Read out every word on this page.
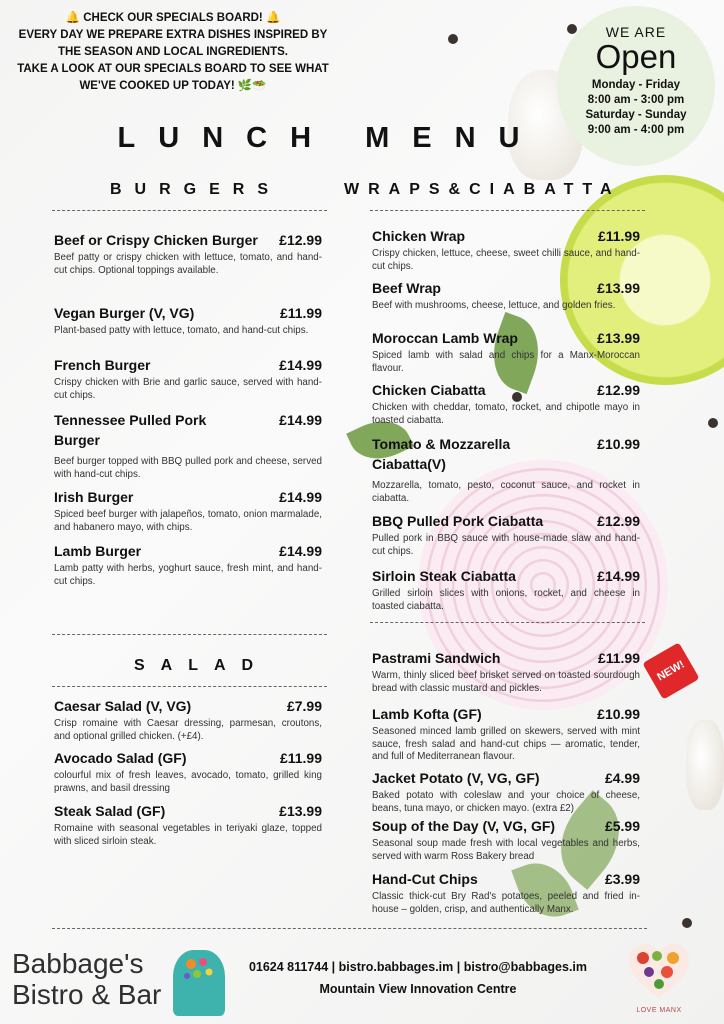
🔔 CHECK OUR SPECIALS BOARD! 🔔
EVERY DAY WE PREPARE EXTRA DISHES INSPIRED BY
THE SEASON AND LOCAL INGREDIENTS.
TAKE A LOOK AT OUR SPECIALS BOARD TO SEE WHAT
WE'VE COOKED UP TODAY! 🌿🥗
WE ARE
Open
Monday - Friday
8:00 am - 3:00 pm
Saturday - Sunday
9:00 am - 4:00 pm
LUNCH MENU
BURGERS	WRAPS&CIABATTA
Beef or Crispy Chicken Burger	£12.99
Beef patty or crispy chicken with lettuce, tomato, and hand-cut chips. Optional toppings available.
Vegan Burger (V, VG)	£11.99
Plant-based patty with lettuce, tomato, and hand-cut chips.
French Burger	£14.99
Crispy chicken with Brie and garlic sauce, served with hand-cut chips.
Tennessee Pulled Pork Burger
£14.99
Beef burger topped with BBQ pulled pork and cheese, served with hand-cut chips.
Irish Burger	£14.99
Spiced beef burger with jalapeños, tomato, onion marmalade, and habanero mayo, with chips.
Lamb Burger	£14.99
Lamb patty with herbs, yoghurt sauce, fresh mint, and hand-cut chips.
Chicken Wrap	£11.99
Crispy chicken, lettuce, cheese, sweet chilli sauce, and hand-cut chips.
Beef Wrap	£13.99
Beef with mushrooms, cheese, lettuce, and golden fries.
Moroccan Lamb Wrap	£13.99
Spiced lamb with salad and chips for a Manx-Moroccan flavour.
Chicken Ciabatta	£12.99
Chicken with cheddar, tomato, rocket, and chipotle mayo in toasted ciabatta.
Tomato & Mozzarella Ciabatta(V)
£10.99
Mozzarella, tomato, pesto, coconut sauce, and rocket in ciabatta.
BBQ Pulled Pork Ciabatta	£12.99
Pulled pork in BBQ sauce with house-made slaw and hand-cut chips.
Sirloin Steak Ciabatta	£14.99
Grilled sirloin slices with onions, rocket, and cheese in toasted ciabatta.
SALAD
Caesar Salad (V, VG)	£7.99
Crisp romaine with Caesar dressing, parmesan, croutons, and optional grilled chicken. (+£4).
Avocado Salad (GF)	£11.99
colourful mix of fresh leaves, avocado, tomato, grilled king prawns, and basil dressing
Steak Salad (GF)	£13.99
Romaine with seasonal vegetables in teriyaki glaze, topped with sliced sirloin steak.
Pastrami Sandwich	£11.99
Warm, thinly sliced beef brisket served on toasted sourdough bread with classic mustard and pickles.
NEW!
Lamb Kofta (GF)	£10.99
Seasoned minced lamb grilled on skewers, served with mint sauce, fresh salad and hand-cut chips — aromatic, tender, and full of Mediterranean flavour.
Jacket Potato (V, VG, GF)	£4.99
Baked potato with coleslaw and your choice of cheese, beans, tuna mayo, or chicken mayo. (extra £2)
Soup of the Day (V, VG, GF)	£5.99
Seasonal soup made fresh with local vegetables and herbs, served with warm Ross Bakery bread
Hand-Cut Chips	£3.99
Classic thick-cut Bry Rad's potatoes, peeled and fried in-house – golden, crisp, and authentically Manx.
Babbage's
Bistro & Bar
01624 811744 | bistro.babbages.im | bistro@babbages.im
Mountain View Innovation Centre
LOVE MANX
